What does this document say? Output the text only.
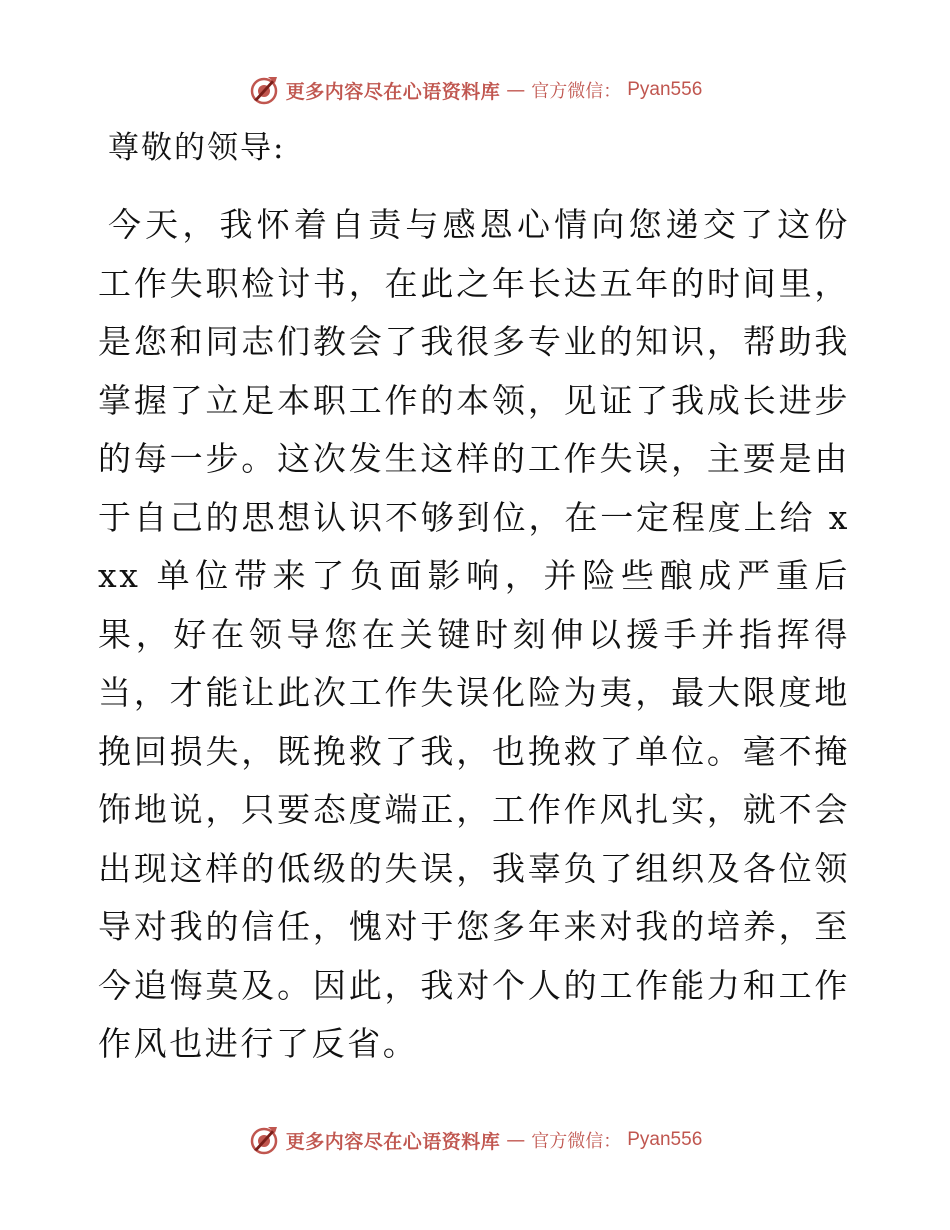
更多内容尽在心语资料库 — 官方微信： Pyan556

尊敬的领导:

今天，我怀着自责与感恩心情向您递交了这份工作失职检讨书，在此之年长达五年的时间里，是您和同志们教会了我很多专业的知识，帮助我掌握了立足本职工作的本领，见证了我成长进步的每一步。这次发生这样的工作失误，主要是由于自己的思想认识不够到位，在一定程度上给 xxx 单位带来了负面影响，并险些酿成严重后果，好在领导您在关键时刻伸以援手并指挥得当，才能让此次工作失误化险为夷，最大限度地挽回损失，既挽救了我，也挽救了单位。毫不掩饰地说，只要态度端正，工作作风扎实，就不会出现这样的低级的失误，我辜负了组织及各位领导对我的信任，愧对于您多年来对我的培养，至今追悔莫及。因此，我对个人的工作能力和工作作风也进行了反省。

更多内容尽在心语资料库 — 官方微信： Pyan556
